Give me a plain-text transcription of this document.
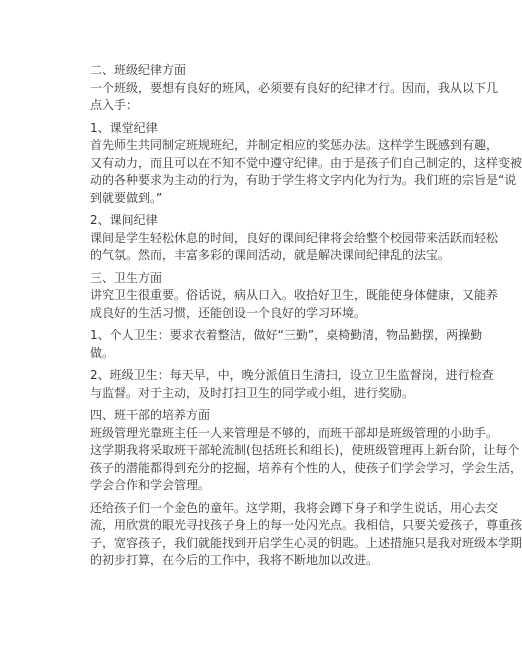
二、班级纪律方面

一个班级，要想有良好的班风，必须要有良好的纪律才行。因而，我从以下几

点入手：

1、课堂纪律

首先师生共同制定班规班纪，并制定相应的奖惩办法。这样学生既感到有趣，

又有动力，而且可以在不知不觉中遵守纪律。由于是孩子们自己制定的，这样变被

动的各种要求为主动的行为，有助于学生将文字内化为行为。我们班的宗旨是“说

到就要做到。”

2、课间纪律

课间是学生轻松休息的时间，良好的课间纪律将会给整个校园带来活跃而轻松

的气氛。然而，丰富多彩的课间活动，就是解决课间纪律乱的法宝。

三、卫生方面

讲究卫生很重要。俗话说，病从口入。收拾好卫生，既能使身体健康，又能养

成良好的生活习惯，还能创设一个良好的学习环境。

1、个人卫生：要求衣着整洁，做好“三勤”，桌椅勤清，物品勤摆，两操勤

做。

2、班级卫生：每天早，中，晚分派值日生清扫，设立卫生监督岗，进行检查

与监督。对于主动，及时打扫卫生的同学或小组，进行奖励。

四、班干部的培养方面

班级管理光靠班主任一人来管理是不够的，而班干部却是班级管理的小助手。

这学期我将采取班干部轮流制(包括班长和组长)，使班级管理再上新台阶，让每个

孩子的潜能都得到充分的挖掘，培养有个性的人，使孩子们学会学习，学会生活，

学会合作和学会管理。

还给孩子们一个金色的童年。这学期，我将会蹲下身子和学生说话，用心去交

流，用欣赏的眼光寻找孩子身上的每一处闪光点。我相信，只要关爱孩子，尊重孩

子，宽容孩子，我们就能找到开启学生心灵的钥匙。上述措施只是我对班级本学期

的初步打算，在今后的工作中，我将不断地加以改进。
